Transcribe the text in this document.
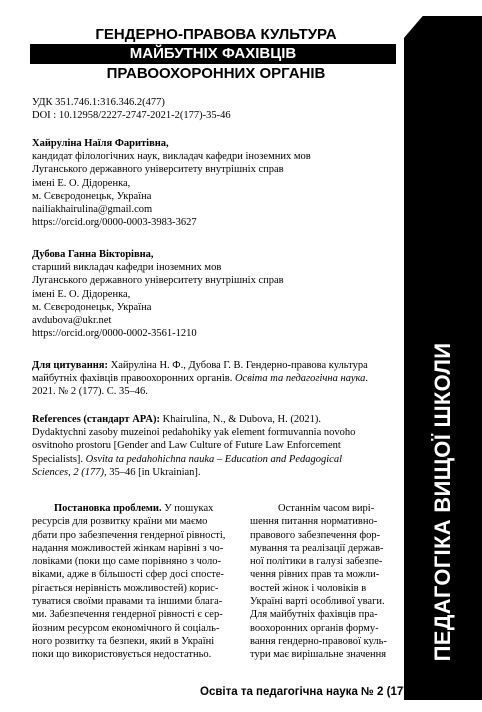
ГЕНДЕРНО-ПРАВОВА КУЛЬТУРА
МАЙБУТНІХ ФАХІВЦІВ
ПРАВООХОРОННИХ ОРГАНІВ
ПЕДАГОГІКА ВИЩОЇ ШКОЛИ
УДК 351.746.1:316.346.2(477)
DOI : 10.12958/2227-2747-2021-2(177)-35-46
Хайруліна Наїля Фаритівна,
кандидат філологічних наук, викладач кафедри іноземних мов
Луганського державного університету внутрішніх справ
імені Е. О. Дідоренка,
м. Сєвєродонецьк, Україна
nailiakhairulina@gmail.com
https://orcid.org/0000-0003-3983-3627
Дубова Ганна Вікторівна,
старший викладач кафедри іноземних мов
Луганського державного університету внутрішніх справ
імені Е. О. Дідоренка,
м. Сєвєродонецьк, Україна
avdubova@ukr.net
https://orcid.org/0000-0002-3561-1210
Для цитування: Хайруліна Н. Ф., Дубова Г. В. Гендерно-правова культура
майбутніх фахівців правоохоронних органів. Освіта та педагогічна наука.
2021. № 2 (177). С. 35–46.
References (стандарт APA): Khairulina, N., & Dubova, H. (2021).
Dydaktychni zasoby muzeinoi pedahohiky yak element formuvannia novoho
osvitnoho prostoru [Gender and Law Culture of Future Law Enforcement
Specialists]. Osvita ta pedahohichna nauka – Education and Pedagogical
Sciences, 2 (177), 35–46 [in Ukrainian].
Постановка проблеми. У пошуках
ресурсів для розвитку країни ми маємо
дбати про забезпечення гендерної рівності,
надання можливостей жінкам нарівні з чо-
ловіками (поки що саме порівняно з чоло-
віками, адже в більшості сфер досі спосте-
рігається нерівність можливостей) корис-
туватися своїми правами та іншими блага-
ми. Забезпечення гендерної рівності є сер-
йозним ресурсом економічного й соціаль-
ного розвитку та безпеки, який в Україні
поки що використовується недостатньо.
Останнім часом вирі-
шення питання нормативно-
правового забезпечення фор-
мування та реалізації держав-
ної політики в галузі забезпе-
чення рівних прав та можли-
востей жінок і чоловіків в
Україні варті особливої уваги.
Для майбутніх фахівців пра-
воохоронних органів форму-
вання гендерно-правової куль-
тури має вирішальне значення
Освіта та педагогічна наука № 2 (177), 2021 35
